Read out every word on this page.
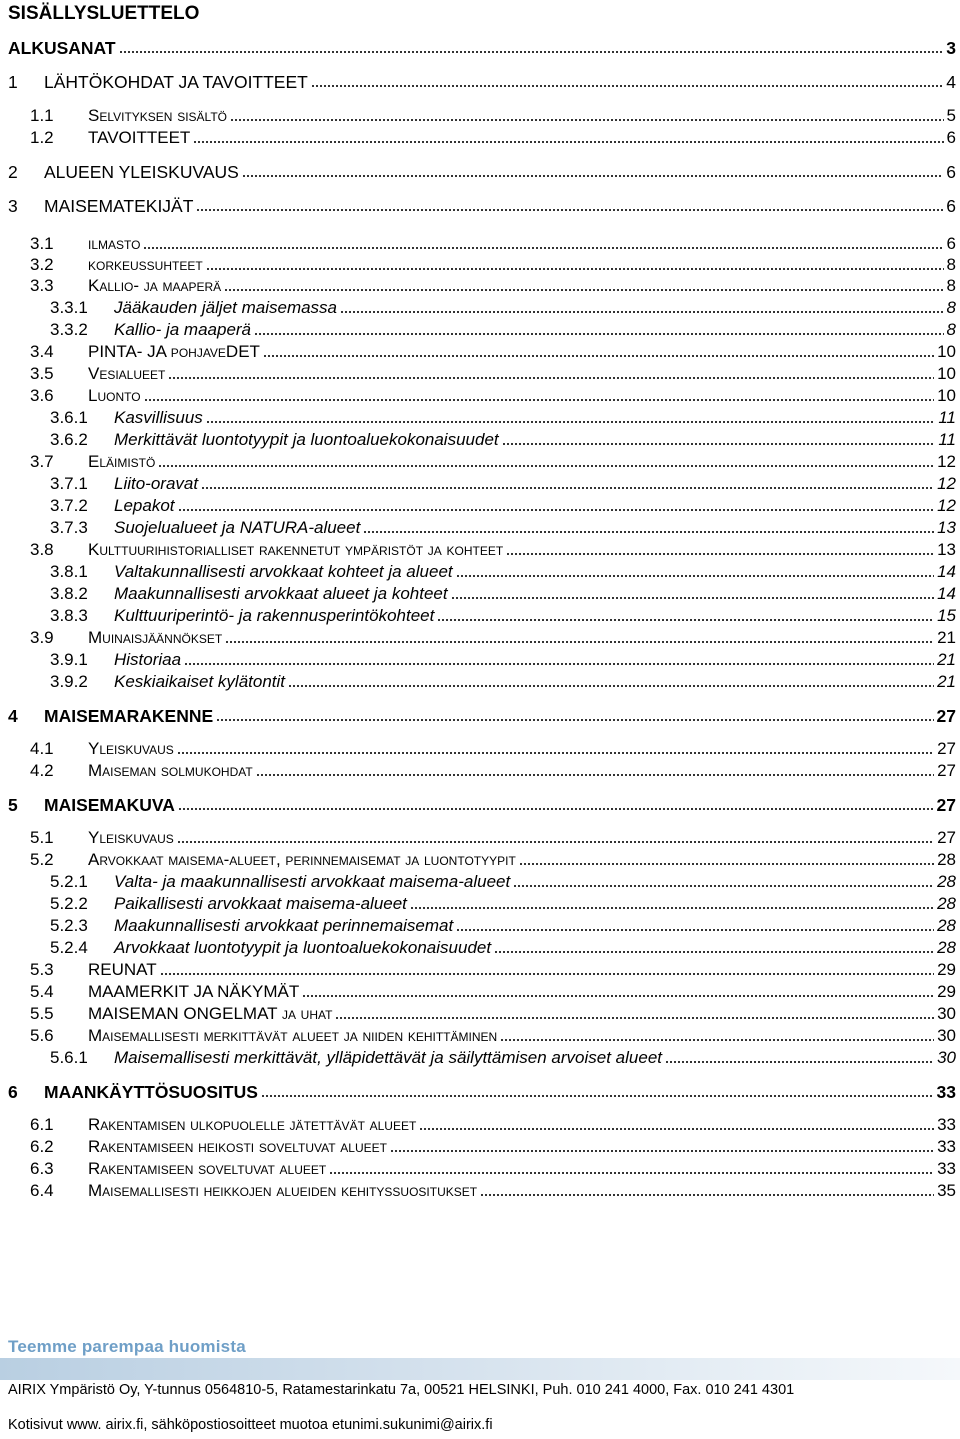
SISÄLLYSLUETTELO
ALKUSANAT	3
1	LÄHTÖKOHDAT JA TAVOITTEET	4
1.1	Selvityksen sisältö	5
1.2	TAVOITTEET	6
2	ALUEEN YLEISKUVAUS	6
3	MAISEMATEKIJÄT	6
3.1	ilmasto	6
3.2	korkeussuhteet	8
3.3	Kallio- ja maaperä	8
3.3.1	Jääkauden jäljet maisemassa	8
3.3.2	Kallio- ja maaperä	8
3.4	PINTA- JA pohjaveDET	10
3.5	Vesialueet	10
3.6	Luonto	10
3.6.1	Kasvillisuus	11
3.6.2	Merkittävät luontotyypit ja luontoaluekokonaisuudet	11
3.7	Eläimistö	12
3.7.1	Liito-oravat	12
3.7.2	Lepakot	12
3.7.3	Suojelualueet ja NATURA-alueet	13
3.8	Kulttuurihistorialliset rakennetut ympäristöt ja kohteet	13
3.8.1	Valtakunnallisesti arvokkaat kohteet ja alueet	14
3.8.2	Maakunnallisesti arvokkaat alueet ja kohteet	14
3.8.3	Kulttuuriperintö- ja rakennusperintökohteet	15
3.9	Muinaisjäännökset	21
3.9.1	Historiaa	21
3.9.2	Keskiaikaiset kylätontit	21
4	MAISEMARAKENNE	27
4.1	Yleiskuvaus	27
4.2	Maiseman solmukohdat	27
5	MAISEMAKUVA	27
5.1	Yleiskuvaus	27
5.2	Arvokkaat maisema-alueet, perinnemaisemat ja luontotyypit	28
5.2.1	Valta- ja maakunnallisesti arvokkaat maisema-alueet	28
5.2.2	Paikallisesti arvokkaat maisema-alueet	28
5.2.3	Maakunnallisesti arvokkaat perinnemaisemat	28
5.2.4	Arvokkaat luontotyypit ja luontoaluekokonaisuudet	28
5.3	REUNAT	29
5.4	MAAMERKIT JA NÄKYMÄT	29
5.5	MAISEMAN ONGELMAT ja uhat	30
5.6	Maisemallisesti merkittävät alueet ja niiden kehittäminen	30
5.6.1	Maisemallisesti merkittävät, ylläpidettävät ja säilyttämisen arvoiset alueet	30
6	MAANKÄYTTÖSUOSITUS	33
6.1	Rakentamisen ulkopuolelle jätettävät alueet	33
6.2	Rakentamiseen heikosti soveltuvat alueet	33
6.3	Rakentamiseen soveltuvat alueet	33
6.4	Maisemallisesti heikkojen alueiden kehityssuositukset	35
Teemme parempaa huomista
AIRIX Ympäristö Oy, Y-tunnus 0564810-5, Ratamestarinkatu 7a, 00521 HELSINKI, Puh. 010 241 4000, Fax. 010 241 4301
Kotisivut www. airix.fi, sähköpostiosoitteet muotoa etunimi.sukunimi@airix.fi
